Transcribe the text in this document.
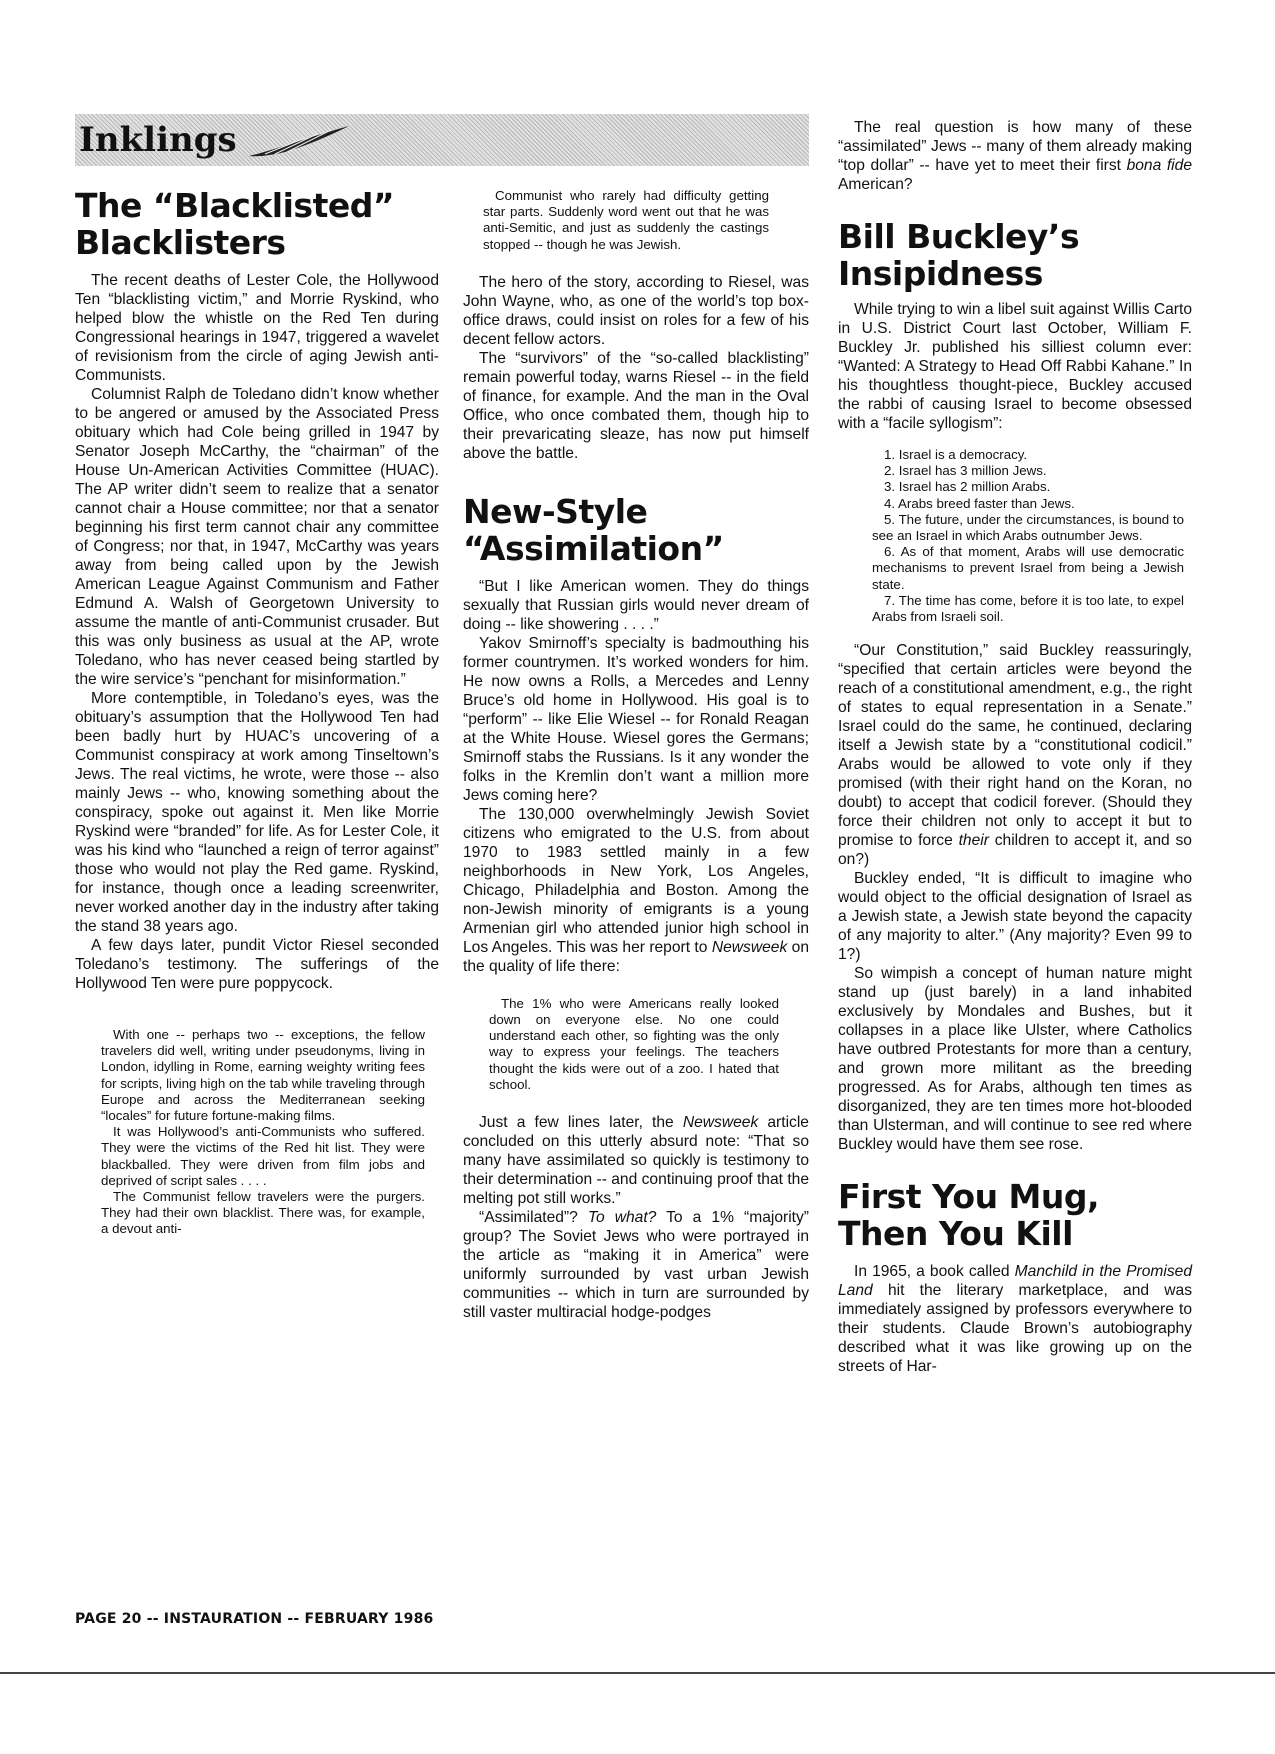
Inklings
The “Blacklisted” Blacklisters

The recent deaths of Lester Cole, the Hollywood Ten “blacklisting victim,” and Morrie Ryskind, who helped blow the whistle on the Red Ten during Congressional hearings in 1947, triggered a wavelet of revisionism from the circle of aging Jewish anti-Communists.

Columnist Ralph de Toledano didn’t know whether to be angered or amused by the Associated Press obituary which had Cole being grilled in 1947 by Senator Joseph McCarthy, the “chairman” of the House Un-American Activities Committee (HUAC). The AP writer didn’t seem to realize that a senator cannot chair a House committee; nor that a senator beginning his first term cannot chair any committee of Congress; nor that, in 1947, McCarthy was years away from being called upon by the Jewish American League Against Communism and Father Edmund A. Walsh of Georgetown University to assume the mantle of anti-Communist crusader. But this was only business as usual at the AP, wrote Toledano, who has never ceased being startled by the wire service’s “penchant for misinformation.”

More contemptible, in Toledano’s eyes, was the obituary’s assumption that the Hollywood Ten had been badly hurt by HUAC’s uncovering of a Communist conspiracy at work among Tinseltown’s Jews. The real victims, he wrote, were those -- also mainly Jews -- who, knowing something about the conspiracy, spoke out against it. Men like Morrie Ryskind were “branded” for life. As for Lester Cole, it was his kind who “launched a reign of terror against” those who would not play the Red game. Ryskind, for instance, though once a leading screenwriter, never worked another day in the industry after taking the stand 38 years ago.

A few days later, pundit Victor Riesel seconded Toledano’s testimony. The sufferings of the Hollywood Ten were pure poppycock.

With one -- perhaps two -- exceptions, the fellow travelers did well, writing under pseudonyms, living in London, idylling in Rome, earning weighty writing fees for scripts, living high on the tab while traveling through Europe and across the Mediterranean seeking “locales” for future fortune-making films.

It was Hollywood’s anti-Communists who suffered. They were the victims of the Red hit list. They were blackballed. They were driven from film jobs and deprived of script sales . . . .

The Communist fellow travelers were the purgers. They had their own blacklist. There was, for example, a devout anti-

Communist who rarely had difficulty getting star parts. Suddenly word went out that he was anti-Semitic, and just as suddenly the castings stopped -- though he was Jewish.

The hero of the story, according to Riesel, was John Wayne, who, as one of the world’s top box-office draws, could insist on roles for a few of his decent fellow actors.

The “survivors” of the “so-called blacklisting” remain powerful today, warns Riesel -- in the field of finance, for example. And the man in the Oval Office, who once combated them, though hip to their prevaricating sleaze, has now put himself above the battle.

New-Style “Assimilation”

“But I like American women. They do things sexually that Russian girls would never dream of doing -- like showering . . . .”

Yakov Smirnoff’s specialty is badmouthing his former countrymen. It’s worked wonders for him. He now owns a Rolls, a Mercedes and Lenny Bruce’s old home in Hollywood. His goal is to “perform” -- like Elie Wiesel -- for Ronald Reagan at the White House. Wiesel gores the Germans; Smirnoff stabs the Russians. Is it any wonder the folks in the Kremlin don’t want a million more Jews coming here?

The 130,000 overwhelmingly Jewish Soviet citizens who emigrated to the U.S. from about 1970 to 1983 settled mainly in a few neighborhoods in New York, Los Angeles, Chicago, Philadelphia and Boston. Among the non-Jewish minority of emigrants is a young Armenian girl who attended junior high school in Los Angeles. This was her report to Newsweek on the quality of life there:

The 1% who were Americans really looked down on everyone else. No one could understand each other, so fighting was the only way to express your feelings. The teachers thought the kids were out of a zoo. I hated that school.

Just a few lines later, the Newsweek article concluded on this utterly absurd note: “That so many have assimilated so quickly is testimony to their determination -- and continuing proof that the melting pot still works.”

“Assimilated”? To what? To a 1% “majority” group? The Soviet Jews who were portrayed in the article as “making it in America” were uniformly surrounded by vast urban Jewish communities -- which in turn are surrounded by still vaster multiracial hodge-podges

The real question is how many of these “assimilated” Jews -- many of them already making “top dollar” -- have yet to meet their first bona fide American?

Bill Buckley’s Insipidness

While trying to win a libel suit against Willis Carto in U.S. District Court last October, William F. Buckley Jr. published his silliest column ever: “Wanted: A Strategy to Head Off Rabbi Kahane.” In his thoughtless thought-piece, Buckley accused the rabbi of causing Israel to become obsessed with a “facile syllogism”:

1. Israel is a democracy.

2. Israel has 3 million Jews.

3. Israel has 2 million Arabs.

4. Arabs breed faster than Jews.

5. The future, under the circumstances, is bound to see an Israel in which Arabs outnumber Jews.

6. As of that moment, Arabs will use democratic mechanisms to prevent Israel from being a Jewish state.

7. The time has come, before it is too late, to expel Arabs from Israeli soil.

“Our Constitution,” said Buckley reassuringly, “specified that certain articles were beyond the reach of a constitutional amendment, e.g., the right of states to equal representation in a Senate.” Israel could do the same, he continued, declaring itself a Jewish state by a “constitutional codicil.” Arabs would be allowed to vote only if they promised (with their right hand on the Koran, no doubt) to accept that codicil forever. (Should they force their children not only to accept it but to promise to force their children to accept it, and so on?)

Buckley ended, “It is difficult to imagine who would object to the official designation of Israel as a Jewish state, a Jewish state beyond the capacity of any majority to alter.” (Any majority? Even 99 to 1?)

So wimpish a concept of human nature might stand up (just barely) in a land inhabited exclusively by Mondales and Bushes, but it collapses in a place like Ulster, where Catholics have outbred Protestants for more than a century, and grown more militant as the breeding progressed. As for Arabs, although ten times as disorganized, they are ten times more hot-blooded than Ulsterman, and will continue to see red where Buckley would have them see rose.

First You Mug, Then You Kill

In 1965, a book called Manchild in the Promised Land hit the literary marketplace, and was immediately assigned by professors everywhere to their students. Claude Brown’s autobiography described what it was like growing up on the streets of Har-

PAGE 20 -- INSTAURATION -- FEBRUARY 1986
